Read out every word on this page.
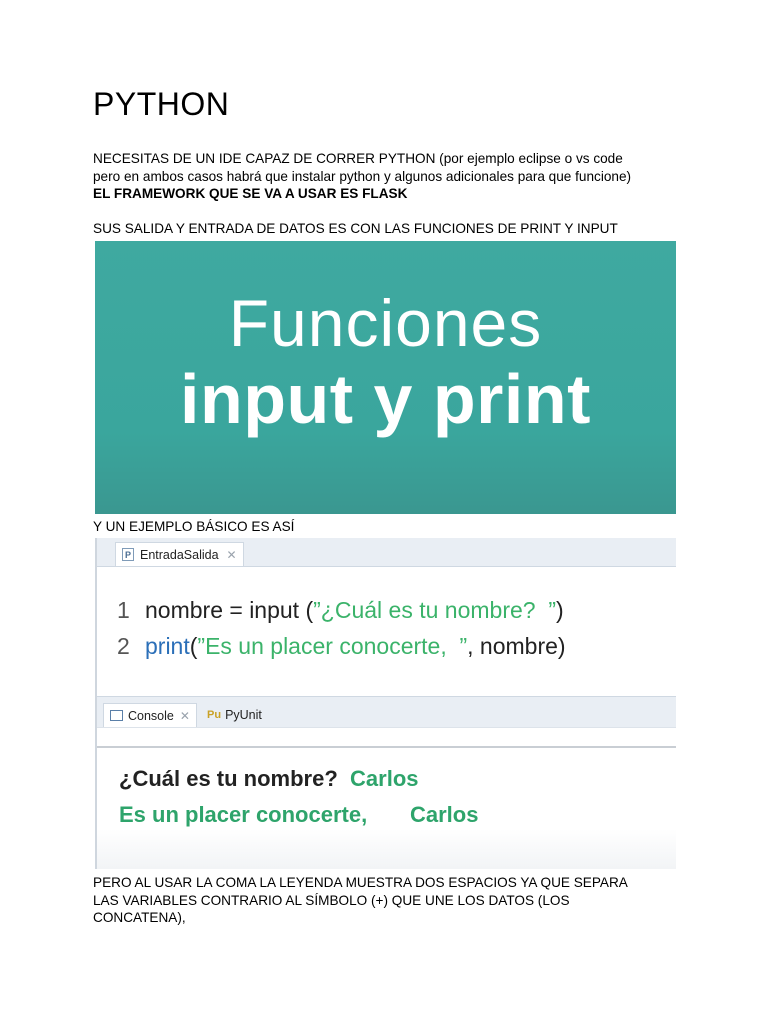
PYTHON
NECESITAS DE UN IDE CAPAZ DE CORRER PYTHON (por ejemplo eclipse o vs code
pero en ambos casos habrá que instalar python y algunos adicionales para que funcione)
EL FRAMEWORK QUE SE VA A USAR ES FLASK
SUS SALIDA Y ENTRADA DE DATOS ES CON LAS FUNCIONES DE PRINT Y INPUT
Funciones
input y print
Y UN EJEMPLO BÁSICO ES ASÍ
P EntradaSalida ✕
1 nombre = input (”¿Cuál es tu nombre?  ”)
2 print(”Es un placer conocerte,  ”, nombre)
Console ✕ Pu PyUnit
¿Cuál es tu nombre? Carlos
Es un placer conocerte, Carlos
PERO AL USAR LA COMA LA LEYENDA MUESTRA DOS ESPACIOS YA QUE SEPARA
LAS VARIABLES CONTRARIO AL SÍMBOLO (+) QUE UNE LOS DATOS (LOS
CONCATENA),
